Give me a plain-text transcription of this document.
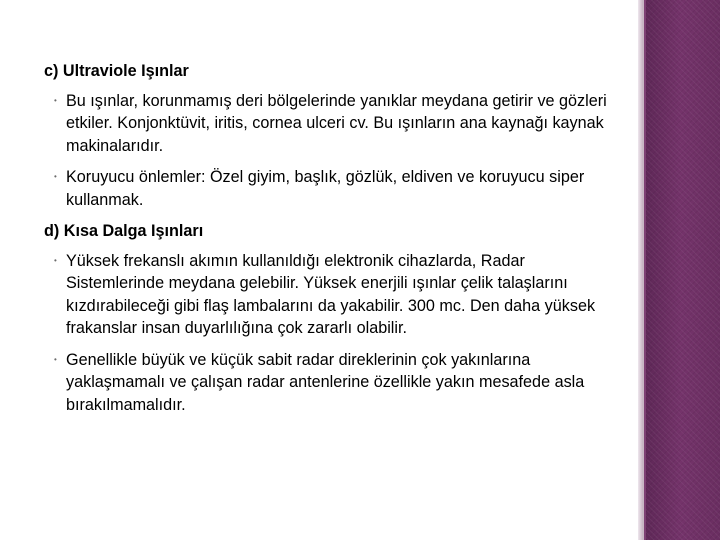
c) Ultraviole Işınlar

• Bu ışınlar, korunmamış deri bölgelerinde yanıklar meydana getirir ve gözleri etkiler. Konjonktüvit, iritis, cornea ulceri cv. Bu ışınların ana kaynağı kaynak makinalarıdır.
• Koruyucu önlemler: Özel giyim, başlık, gözlük, eldiven ve koruyucu siper kullanmak.

d) Kısa Dalga Işınları

• Yüksek frekanslı akımın kullanıldığı elektronik cihazlarda, Radar Sistemlerinde meydana gelebilir. Yüksek enerjili ışınlar çelik talaşlarını kızdırabileceği gibi flaş lambalarını da yakabilir. 300 mc. Den daha yüksek frakanslar insan duyarlılığına çok zararlı olabilir.
• Genellikle büyük ve küçük sabit radar direklerinin çok yakınlarına yaklaşmamalı ve çalışan radar antenlerine özellikle yakın mesafede asla bırakılmamalıdır.
